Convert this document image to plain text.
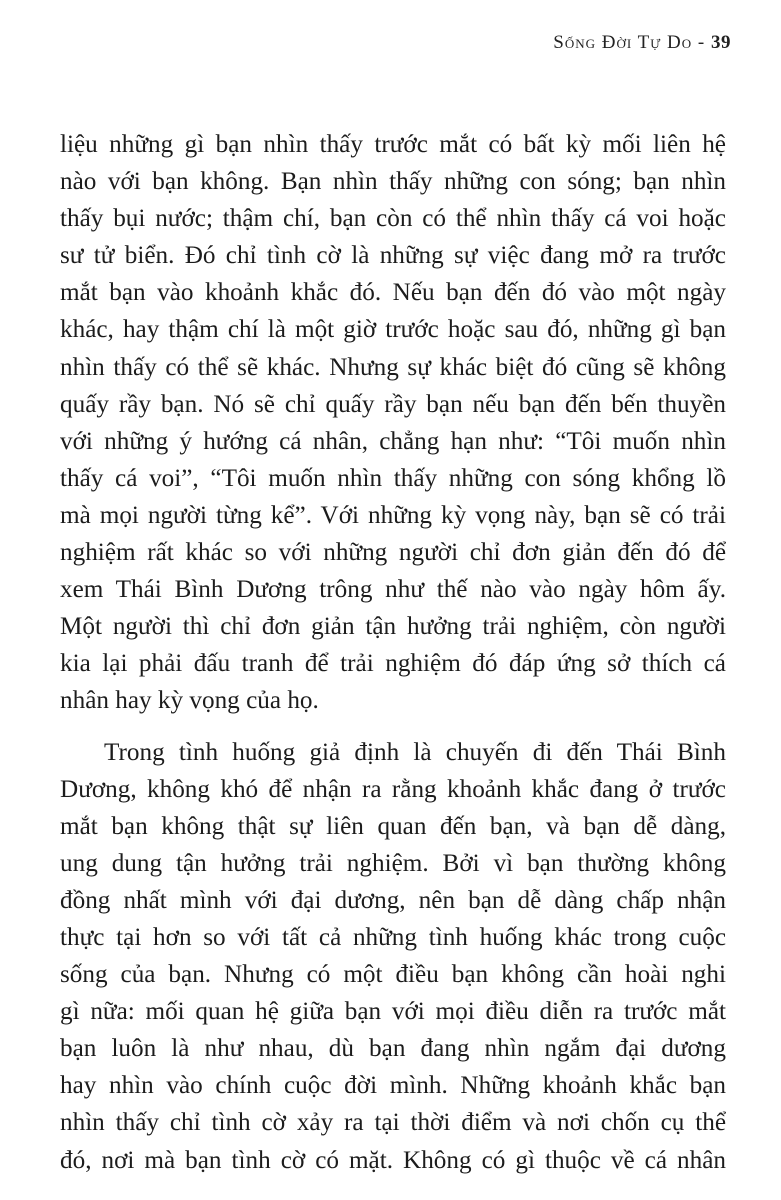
Sống Đời Tự Do - 39
liệu những gì bạn nhìn thấy trước mắt có bất kỳ mối liên hệ
nào với bạn không. Bạn nhìn thấy những con sóng; bạn nhìn
thấy bụi nước; thậm chí, bạn còn có thể nhìn thấy cá voi hoặc
sư tử biển. Đó chỉ tình cờ là những sự việc đang mở ra trước
mắt bạn vào khoảnh khắc đó. Nếu bạn đến đó vào một ngày
khác, hay thậm chí là một giờ trước hoặc sau đó, những gì bạn
nhìn thấy có thể sẽ khác. Nhưng sự khác biệt đó cũng sẽ không
quấy rầy bạn. Nó sẽ chỉ quấy rầy bạn nếu bạn đến bến thuyền
với những ý hướng cá nhân, chẳng hạn như: “Tôi muốn nhìn
thấy cá voi”, “Tôi muốn nhìn thấy những con sóng khổng lồ
mà mọi người từng kể”. Với những kỳ vọng này, bạn sẽ có trải
nghiệm rất khác so với những người chỉ đơn giản đến đó để
xem Thái Bình Dương trông như thế nào vào ngày hôm ấy.
Một người thì chỉ đơn giản tận hưởng trải nghiệm, còn người
kia lại phải đấu tranh để trải nghiệm đó đáp ứng sở thích cá
nhân hay kỳ vọng của họ.
Trong tình huống giả định là chuyến đi đến Thái Bình
Dương, không khó để nhận ra rằng khoảnh khắc đang ở trước
mắt bạn không thật sự liên quan đến bạn, và bạn dễ dàng,
ung dung tận hưởng trải nghiệm. Bởi vì bạn thường không
đồng nhất mình với đại dương, nên bạn dễ dàng chấp nhận
thực tại hơn so với tất cả những tình huống khác trong cuộc
sống của bạn. Nhưng có một điều bạn không cần hoài nghi
gì nữa: mối quan hệ giữa bạn với mọi điều diễn ra trước mắt
bạn luôn là như nhau, dù bạn đang nhìn ngắm đại dương
hay nhìn vào chính cuộc đời mình. Những khoảnh khắc bạn
nhìn thấy chỉ tình cờ xảy ra tại thời điểm và nơi chốn cụ thể
đó, nơi mà bạn tình cờ có mặt. Không có gì thuộc về cá nhân
